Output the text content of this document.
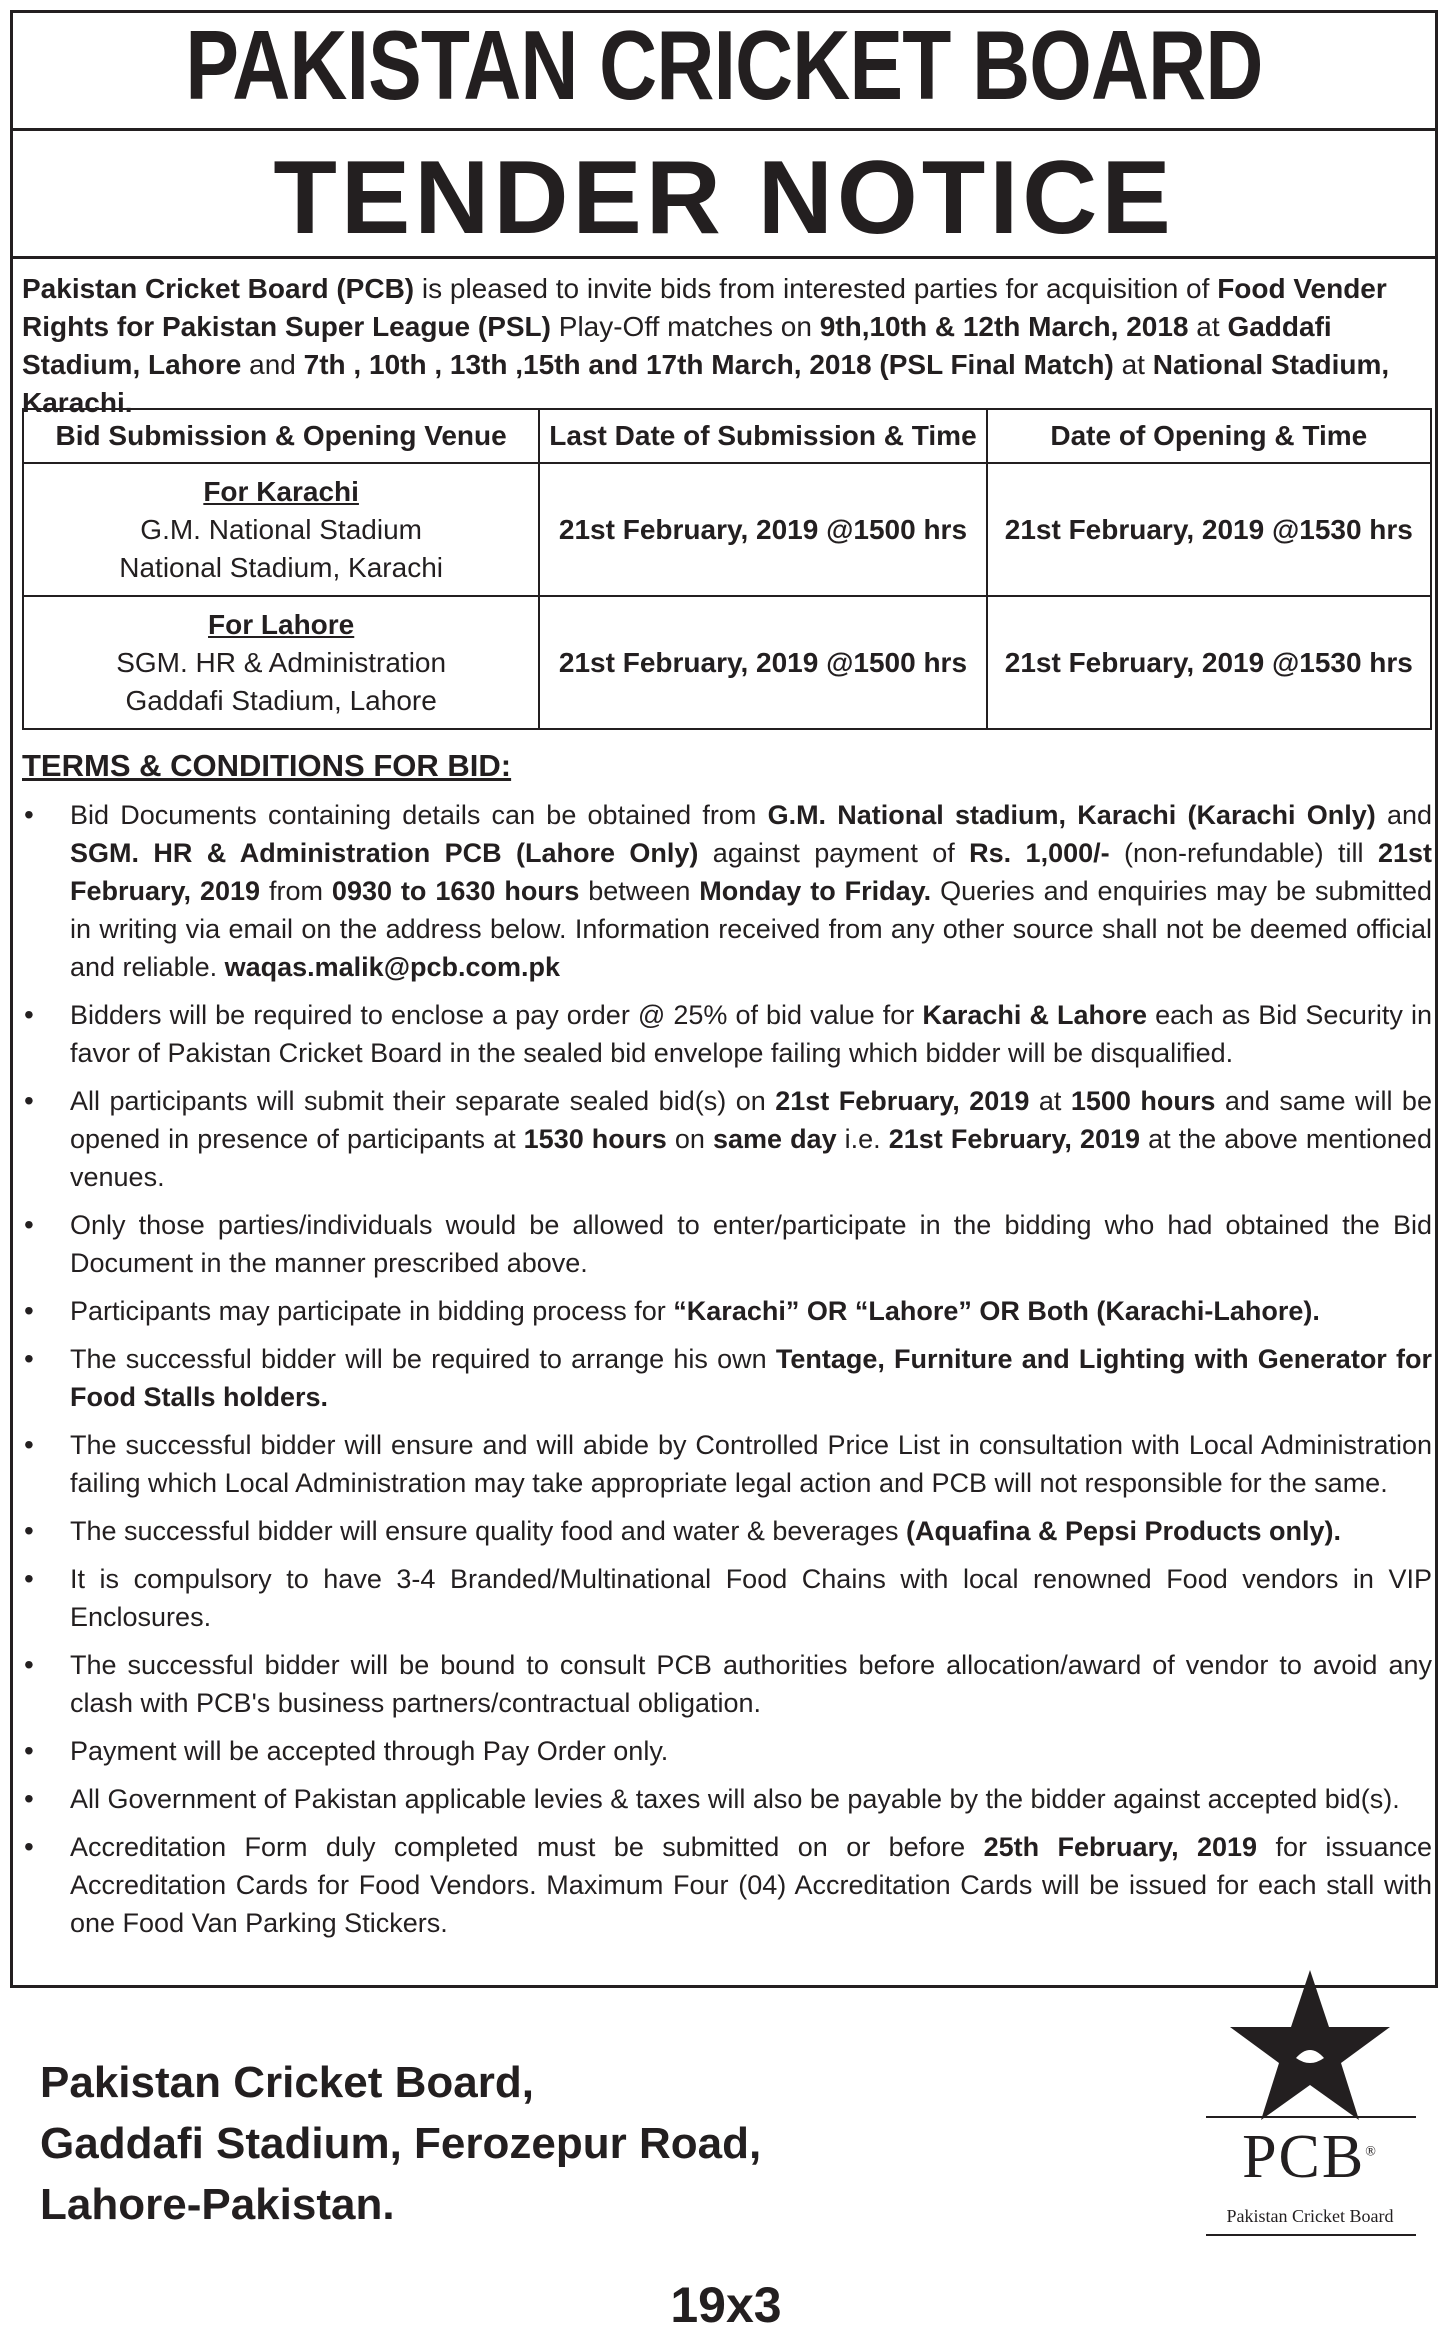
PAKISTAN CRICKET BOARD
TENDER NOTICE
Pakistan Cricket Board (PCB) is pleased to invite bids from interested parties for acquisition of Food Vender Rights for Pakistan Super League (PSL) Play-Off matches on 9th,10th & 12th March, 2018 at Gaddafi Stadium, Lahore and 7th , 10th , 13th ,15th and 17th March, 2018 (PSL Final Match) at National Stadium, Karachi.
Bid Submission & Opening Venue	Last Date of Submission & Time	Date of Opening & Time

For Karachi
G.M. National Stadium
National Stadium, Karachi	21st February, 2019 @1500 hrs	21st February, 2019 @1530 hrs

For Lahore
SGM. HR & Administration
Gaddafi Stadium, Lahore	21st February, 2019 @1500 hrs	21st February, 2019 @1530 hrs
TERMS & CONDITIONS FOR BID:
• Bid Documents containing details can be obtained from G.M. National stadium, Karachi (Karachi Only) and SGM. HR & Administration PCB (Lahore Only) against payment of Rs. 1,000/- (non-refundable) till 21st February, 2019 from 0930 to 1630 hours between Monday to Friday. Queries and enquiries may be submitted in writing via email on the address below. Information received from any other source shall not be deemed official and reliable. waqas.malik@pcb.com.pk
• Bidders will be required to enclose a pay order @ 25% of bid value for Karachi & Lahore each as Bid Security in favor of Pakistan Cricket Board in the sealed bid envelope failing which bidder will be disqualified.
• All participants will submit their separate sealed bid(s) on 21st February, 2019 at 1500 hours and same will be opened in presence of participants at 1530 hours on same day i.e. 21st February, 2019 at the above mentioned venues.
• Only those parties/individuals would be allowed to enter/participate in the bidding who had obtained the Bid Document in the manner prescribed above.
• Participants may participate in bidding process for “Karachi” OR “Lahore” OR Both (Karachi-Lahore).
• The successful bidder will be required to arrange his own Tentage, Furniture and Lighting with Generator for Food Stalls holders.
• The successful bidder will ensure and will abide by Controlled Price List in consultation with Local Administration failing which Local Administration may take appropriate legal action and PCB will not responsible for the same.
• The successful bidder will ensure quality food and water & beverages (Aquafina & Pepsi Products only).
• It is compulsory to have 3-4 Branded/Multinational Food Chains with local renowned Food vendors in VIP Enclosures.
• The successful bidder will be bound to consult PCB authorities before allocation/award of vendor to avoid any clash with PCB's business partners/contractual obligation.
• Payment will be accepted through Pay Order only.
• All Government of Pakistan applicable levies & taxes will also be payable by the bidder against accepted bid(s).
• Accreditation Form duly completed must be submitted on or before 25th February, 2019 for issuance Accreditation Cards for Food Vendors. Maximum Four (04) Accreditation Cards will be issued for each stall with one Food Van Parking Stickers.
Pakistan Cricket Board,
Gaddafi Stadium, Ferozepur Road,
Lahore-Pakistan.
PCB®
Pakistan Cricket Board
19x3
